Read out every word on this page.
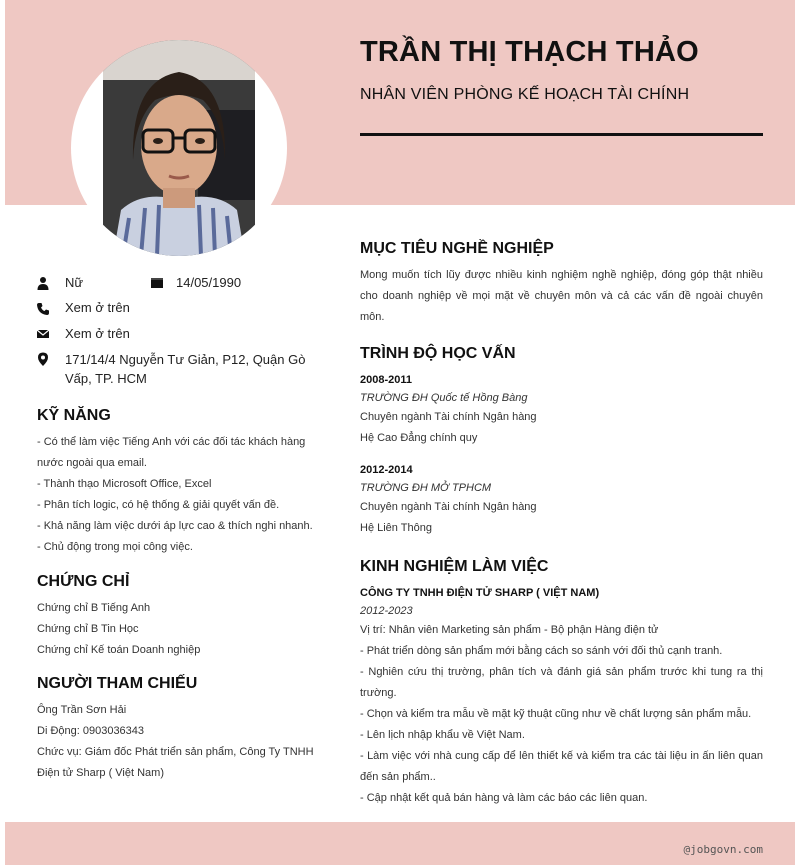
TRẦN THỊ THẠCH THẢO
NHÂN VIÊN PHÒNG KẾ HOẠCH TÀI CHÍNH
Nữ	14/05/1990
Xem ở trên
Xem ở trên
171/14/4 Nguyễn Tư Giản, P12, Quận Gò
Vấp, TP. HCM
KỸ NĂNG
- Có thể làm việc Tiếng Anh với các đối tác khách hàng
nước ngoài qua email.
- Thành thạo Microsoft Office, Excel
- Phân tích logic, có hệ thống & giải quyết vấn đề.
- Khả năng làm việc dưới áp lực cao & thích nghi nhanh.
- Chủ động trong mọi công việc.
CHỨNG CHỈ
Chứng chỉ B Tiếng Anh
Chứng chỉ B Tin Học
Chứng chỉ Kế toán Doanh nghiệp
NGƯỜI THAM CHIẾU
Ông Trần Sơn Hải
Di Động: 0903036343
Chức vụ: Giám đốc Phát triển sản phẩm, Công Ty TNHH
Điện tử Sharp ( Việt Nam)
MỤC TIÊU NGHỀ NGHIỆP
Mong muốn tích lũy được nhiều kinh nghiệm nghề nghiệp, đóng góp thật nhiều cho doanh nghiệp về mọi mặt về chuyên môn và cả các vấn đề ngoài chuyên môn.
TRÌNH ĐỘ HỌC VẤN
2008-2011
TRƯỜNG ĐH Quốc tế Hồng Bàng
Chuyên ngành Tài chính Ngân hàng
Hệ Cao Đẳng chính quy
2012-2014
TRƯỜNG ĐH MỞ TPHCM
Chuyên ngành Tài chính Ngân hàng
Hệ Liên Thông
KINH NGHIỆM LÀM VIỆC
CÔNG TY TNHH ĐIỆN TỬ SHARP ( VIỆT NAM)
2012-2023
Vị trí: Nhân viên Marketing sản phẩm - Bộ phận Hàng điện tử
- Phát triển dòng sản phẩm mới bằng cách so sánh với đối thủ cạnh tranh.
- Nghiên cứu thị trường, phân tích và đánh giá sản phẩm trước khi tung ra thị trường.
- Chọn và kiểm tra mẫu về mặt kỹ thuật cũng như về chất lượng sản phẩm mẫu.
- Lên lịch nhập khẩu về Việt Nam.
- Làm việc với nhà cung cấp để lên thiết kế và kiểm tra các tài liệu in ấn liên quan đến sản phẩm..
- Cập nhật kết quả bán hàng và làm các báo các liên quan.
@jobgovn.com
